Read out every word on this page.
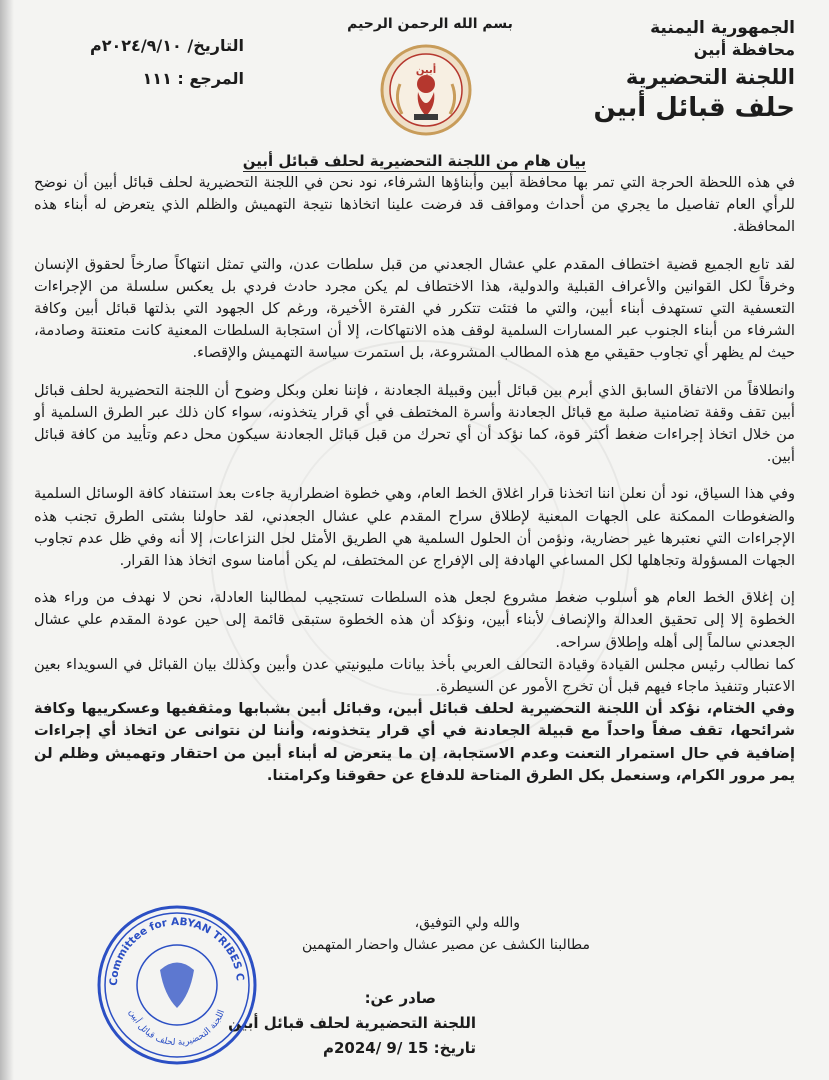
الجمهورية اليمنية
محافظة أبين
اللجنة التحضيرية
حلف قبائل أبين
بسم الله الرحمن الرحيم
أبين
التاريخ/ ٢٠٢٤/٩/١٠م
المرجع : ١١١
بيان هام من اللجنة التحضيرية لحلف قبائل أبين

في هذه اللحظة الحرجة التي تمر بها محافظة أبين وأبناؤها الشرفاء، نود نحن في اللجنة التحضيرية لحلف قبائل أبين أن نوضح للرأي العام تفاصيل ما يجري من أحداث ومواقف قد فرضت علينا اتخاذها نتيجة التهميش والظلم الذي يتعرض له أبناء هذه المحافظة.

لقد تابع الجميع قضية اختطاف المقدم علي عشال الجعدني من قبل سلطات عدن، والتي تمثل انتهاكاً صارخاً لحقوق الإنسان وخرقاً لكل القوانين والأعراف القبلية والدولية، هذا الاختطاف لم يكن مجرد حادث فردي بل يعكس سلسلة من الإجراءات التعسفية التي تستهدف أبناء أبين، والتي ما فتئت تتكرر في الفترة الأخيرة، ورغم كل الجهود التي بذلتها قبائل أبين وكافة الشرفاء من أبناء الجنوب عبر المسارات السلمية لوقف هذه الانتهاكات، إلا أن استجابة السلطات المعنية كانت متعنتة وصادمة، حيث لم يظهر أي تجاوب حقيقي مع هذه المطالب المشروعة، بل استمرت سياسة التهميش والإقصاء.

وانطلاقاً من الاتفاق السابق الذي أبرم بين قبائل أبين وقبيلة الجعادنة ، فإننا نعلن وبكل وضوح أن اللجنة التحضيرية لحلف قبائل أبين تقف وقفة تضامنية صلبة مع قبائل الجعادنة وأسرة المختطف في أي قرار يتخذونه، سواء كان ذلك عبر الطرق السلمية أو من خلال اتخاذ إجراءات ضغط أكثر قوة، كما نؤكد أن أي تحرك من قبل قبائل الجعادنة سيكون محل دعم وتأييد من كافة قبائل أبين.

وفي هذا السياق، نود أن نعلن اننا اتخذنا قرار اغلاق الخط العام، وهي خطوة اضطرارية جاءت بعد استنفاد كافة الوسائل السلمية والضغوطات الممكنة على الجهات المعنية لإطلاق سراح المقدم علي عشال الجعدني، لقد حاولنا بشتى الطرق تجنب هذه الإجراءات التي نعتبرها غير حضارية، ونؤمن أن الحلول السلمية هي الطريق الأمثل لحل النزاعات، إلا أنه وفي ظل عدم تجاوب الجهات المسؤولة وتجاهلها لكل المساعي الهادفة إلى الإفراج عن المختطف، لم يكن أمامنا سوى اتخاذ هذا القرار.

إن إغلاق الخط العام هو أسلوب ضغط مشروع لجعل هذه السلطات تستجيب لمطالبنا العادلة، نحن لا نهدف من وراء هذه الخطوة إلا إلى تحقيق العدالة والإنصاف لأبناء أبين، ونؤكد أن هذه الخطوة ستبقى قائمة إلى حين عودة المقدم علي عشال الجعدني سالماً إلى أهله وإطلاق سراحه.

كما نطالب رئيس مجلس القيادة وقيادة التحالف العربي بأخذ بيانات مليونيتي عدن وأبين وكذلك بيان القبائل في السويداء بعين الاعتبار وتنفيذ ماجاء فيهم قبل أن تخرج الأمور عن السيطرة.

وفي الختام، نؤكد أن اللجنة التحضيرية لحلف قبائل أبين، وقبائل أبين بشبابها ومثقفيها وعسكرييها وكافة شرائحها، تقف صفاً واحداً مع قبيلة الجعادنة في أي قرار يتخذونه، وأننا لن نتوانى عن اتخاذ أي إجراءات إضافية في حال استمرار التعنت وعدم الاستجابة، إن ما يتعرض له أبناء أبين من احتقار وتهميش وظلم لن يمر مرور الكرام، وسنعمل بكل الطرق المتاحة للدفاع عن حقوقنا وكرامتنا.

والله ولي التوفيق،
مطالبنا الكشف عن مصير عشال واحضار المتهمين
صادر عن:
اللجنة التحضيرية لحلف قبائل أبين
تاريخ: 15 /9 /2024م
Committee for ABYAN TRIBES C
اللجنة التحضيرية لحلف قبائل أبين
